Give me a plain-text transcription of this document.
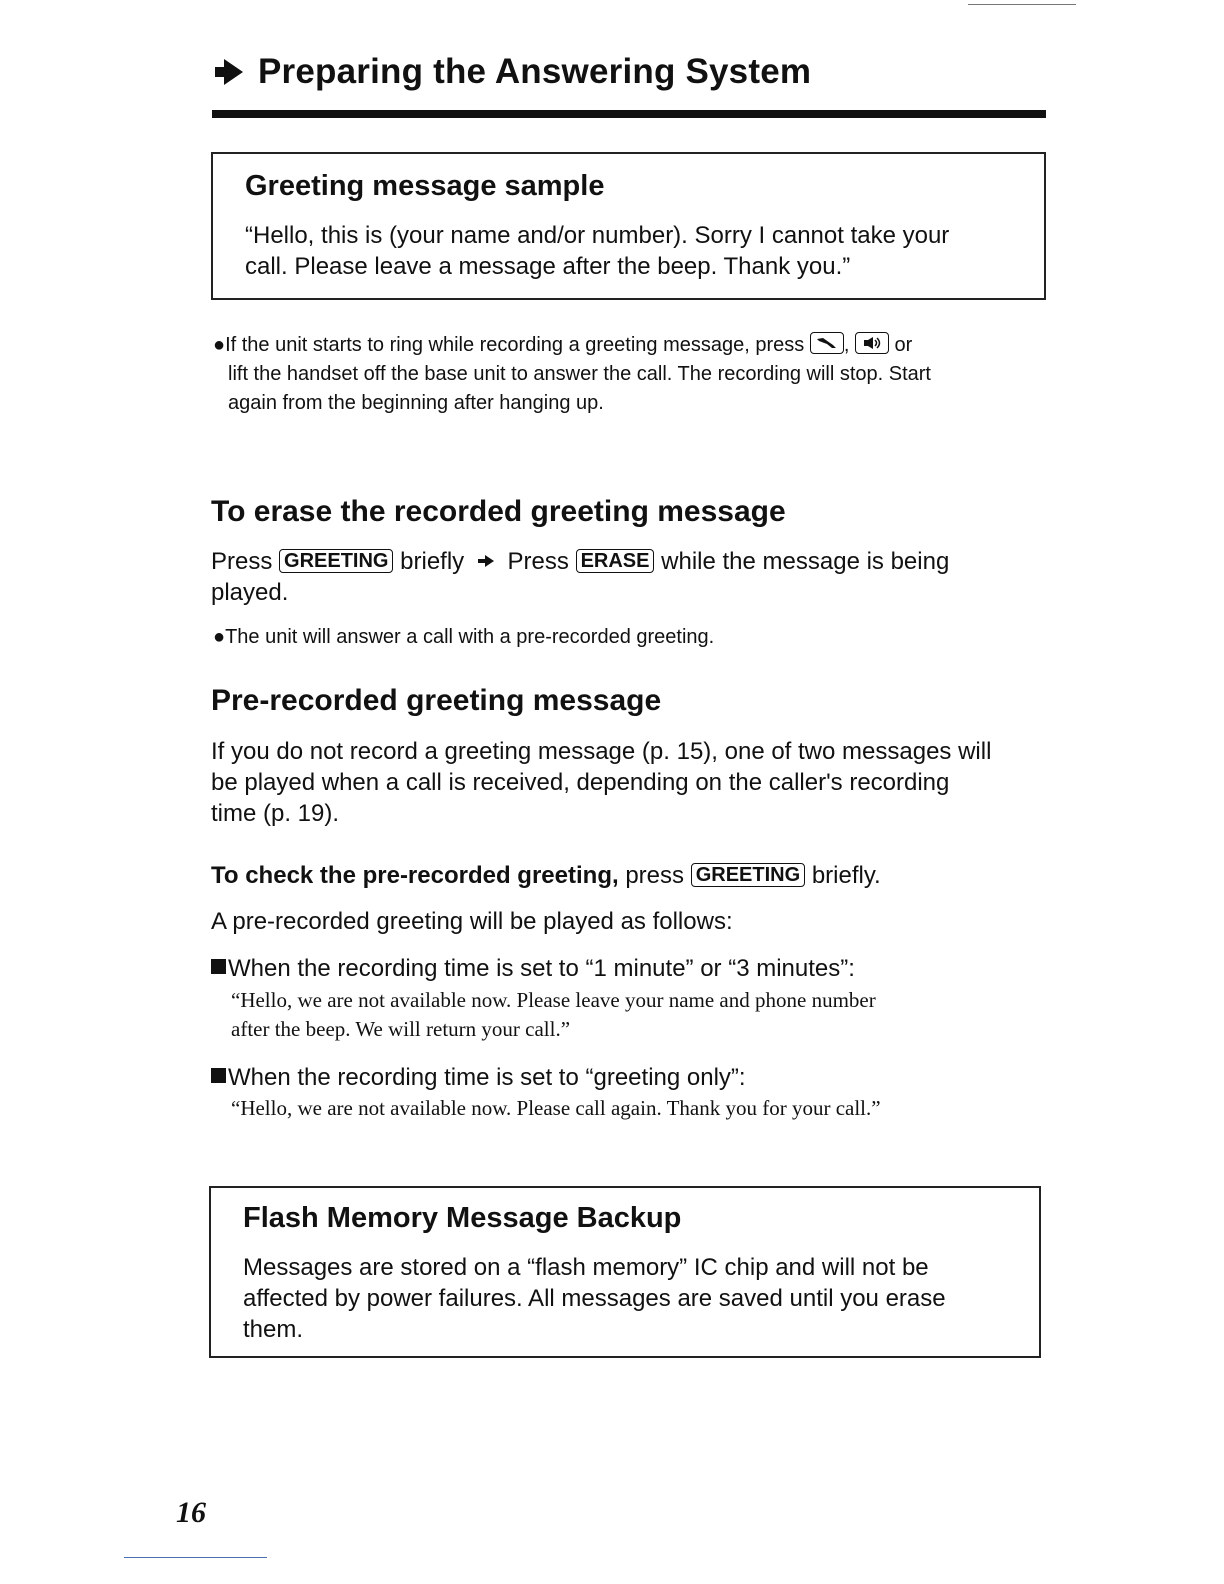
Preparing the Answering System
Greeting message sample
“Hello, this is (your name and/or number). Sorry I cannot take your
call. Please leave a message after the beep. Thank you.”
●If the unit starts to ring while recording a greeting message, press , or
lift the handset off the base unit to answer the call. The recording will stop. Start
again from the beginning after hanging up.
To erase the recorded greeting message
Press GREETING briefly Press ERASE while the message is being
played.
●The unit will answer a call with a pre-recorded greeting.
Pre-recorded greeting message
If you do not record a greeting message (p. 15), one of two messages will
be played when a call is received, depending on the caller's recording
time (p. 19).
To check the pre-recorded greeting, press GREETING briefly.
A pre-recorded greeting will be played as follows:
When the recording time is set to “1 minute” or “3 minutes”:
“Hello, we are not available now. Please leave your name and phone number
after the beep. We will return your call.”
When the recording time is set to “greeting only”:
“Hello, we are not available now. Please call again. Thank you for your call.”
Flash Memory Message Backup
Messages are stored on a “flash memory” IC chip and will not be
affected by power failures. All messages are saved until you erase
them.
16
